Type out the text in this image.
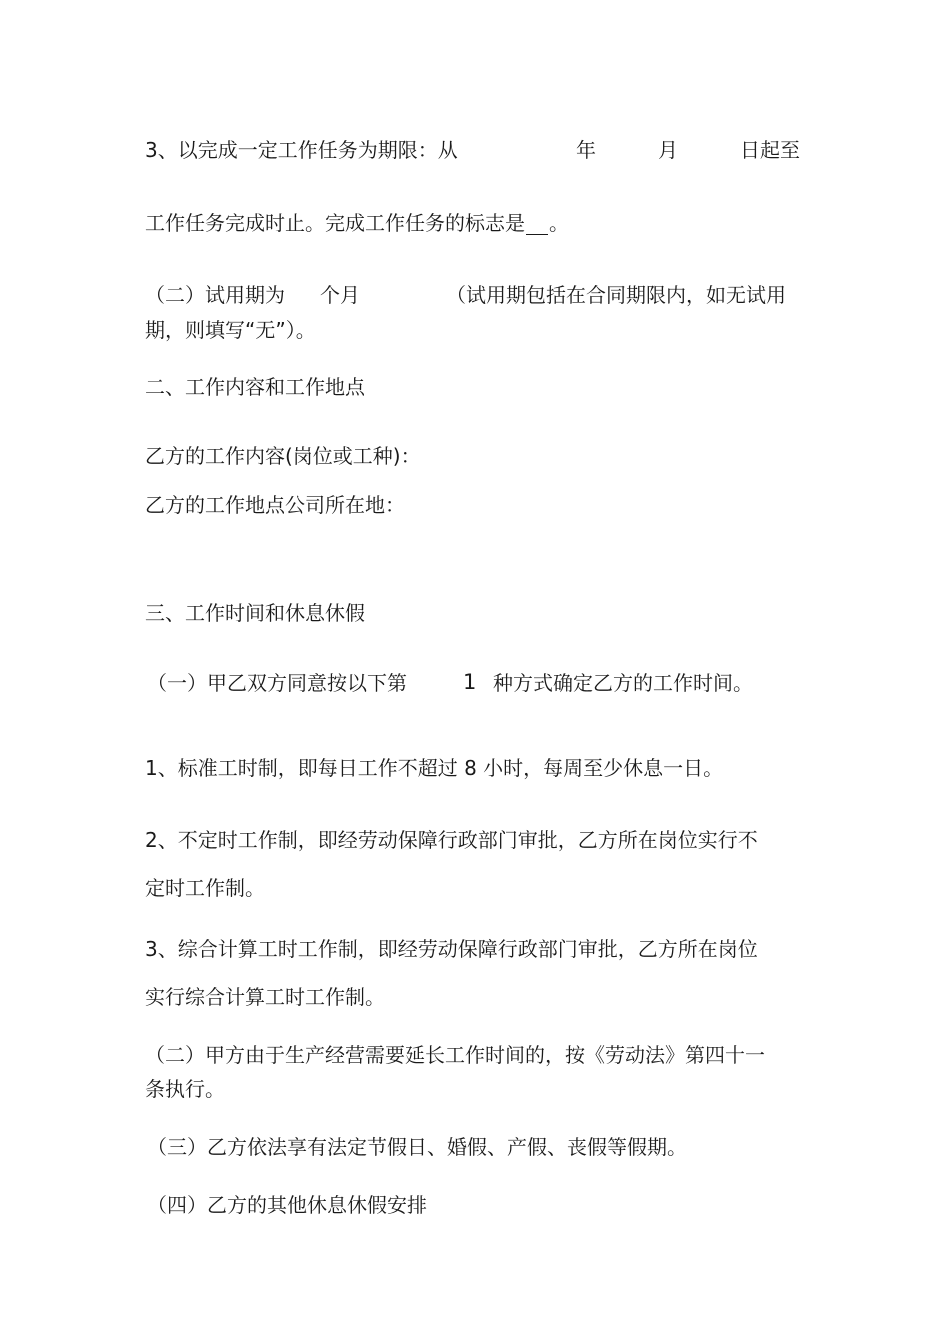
3、以完成一定工作任务为期限：从	年	月	日起至
工作任务完成时止。完成工作任务的标志是 。
（二）试用期为 个月	（试用期包括在合同期限内，如无试用
期，则填写“无”）。
二、工作内容和工作地点
乙方的工作内容(岗位或工种)：
乙方的工作地点公司所在地：
三、工作时间和休息休假
（一）甲乙双方同意按以下第	1 种方式确定乙方的工作时间。
1、标准工时制，即每日工作不超过 8 小时，每周至少休息一日。
2、不定时工作制，即经劳动保障行政部门审批，乙方所在岗位实行不
定时工作制。
3、综合计算工时工作制，即经劳动保障行政部门审批，乙方所在岗位
实行综合计算工时工作制。
（二）甲方由于生产经营需要延长工作时间的，按《劳动法》第四十一
条执行。
（三）乙方依法享有法定节假日、婚假、产假、丧假等假期。
（四）乙方的其他休息休假安排
